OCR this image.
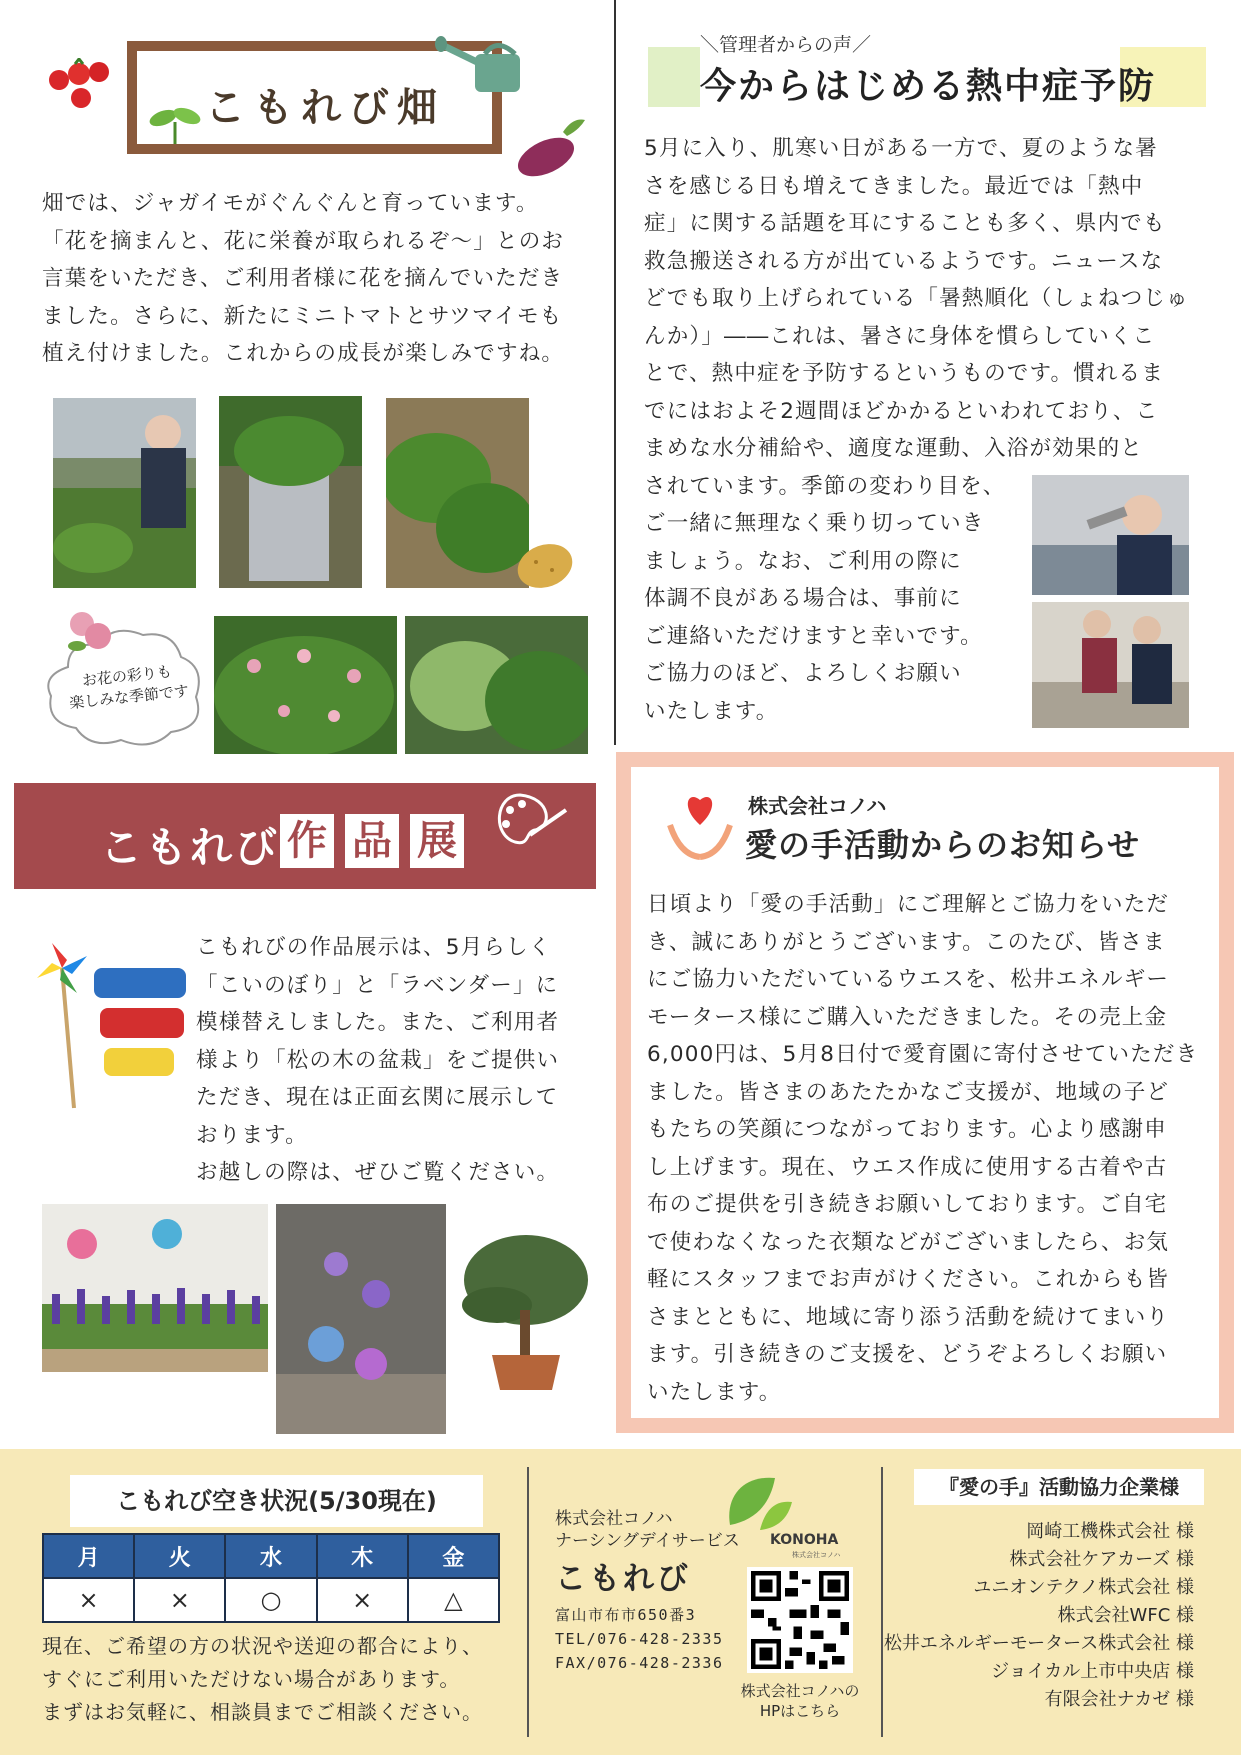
こもれび畑
畑では、ジャガイモがぐんぐんと育っています。
「花を摘まんと、花に栄養が取られるぞ～」とのお
言葉をいただき、ご利用者様に花を摘んでいただき
ました。さらに、新たにミニトマトとサツマイモも
植え付けました。これからの成長が楽しみですね。
お花の彩りも
楽しみな季節です
＼管理者からの声／
今からはじめる熱中症予防
5月に入り、肌寒い日がある一方で、夏のような暑
さを感じる日も増えてきました。最近では「熱中
症」に関する話題を耳にすることも多く、県内でも
救急搬送される方が出ているようです。ニュースな
どでも取り上げられている「暑熱順化（しょねつじゅ
んか）」――これは、暑さに身体を慣らしていくこ
とで、熱中症を予防するというものです。慣れるま
でにはおよそ2週間ほどかかるといわれており、こ
まめな水分補給や、適度な運動、入浴が効果的と
されています。季節の変わり目を、
ご一緒に無理なく乗り切っていき
ましょう。なお、ご利用の際に
体調不良がある場合は、事前に
ご連絡いただけますと幸いです。
ご協力のほど、よろしくお願い
いたします。
こもれび 作 品 展
こもれびの作品展示は、5月らしく
「こいのぼり」と「ラベンダー」に
模様替えしました。また、ご利用者
様より「松の木の盆栽」をご提供い
ただき、現在は正面玄関に展示して
おります。
お越しの際は、ぜひご覧ください。
株式会社コノハ
愛の手活動からのお知らせ
日頃より「愛の手活動」にご理解とご協力をいただ
き、誠にありがとうございます。このたび、皆さま
にご協力いただいているウエスを、松井エネルギー
モータース様にご購入いただきました。その売上金
6,000円は、5月8日付で愛育園に寄付させていただき
ました。皆さまのあたたかなご支援が、地域の子ど
もたちの笑顔につながっております。心より感謝申
し上げます。現在、ウエス作成に使用する古着や古
布のご提供を引き続きお願いしております。ご自宅
で使わなくなった衣類などがございましたら、お気
軽にスタッフまでお声がけください。これからも皆
さまとともに、地域に寄り添う活動を続けてまいり
ます。引き続きのご支援を、どうぞよろしくお願い
いたします。
こもれび空き状況(5/30現在)
月	火	水	木	金
×	×	○	×	△
現在、ご希望の方の状況や送迎の都合により、
すぐにご利用いただけない場合があります。
まずはお気軽に、相談員までご相談ください。
株式会社コノハ
ナーシングデイサービス
こもれび
富山市布市650番3
TEL/076-428-2335
FAX/076-428-2336
KONOHA
株式会社コノハ
株式会社コノハの
HPはこちら
『愛の手』活動協力企業様
岡崎工機株式会社 様
株式会社ケアカーズ 様
ユニオンテクノ株式会社 様
株式会社WFC 様
松井エネルギーモータース株式会社 様
ジョイカル上市中央店 様
有限会社ナカゼ 様
